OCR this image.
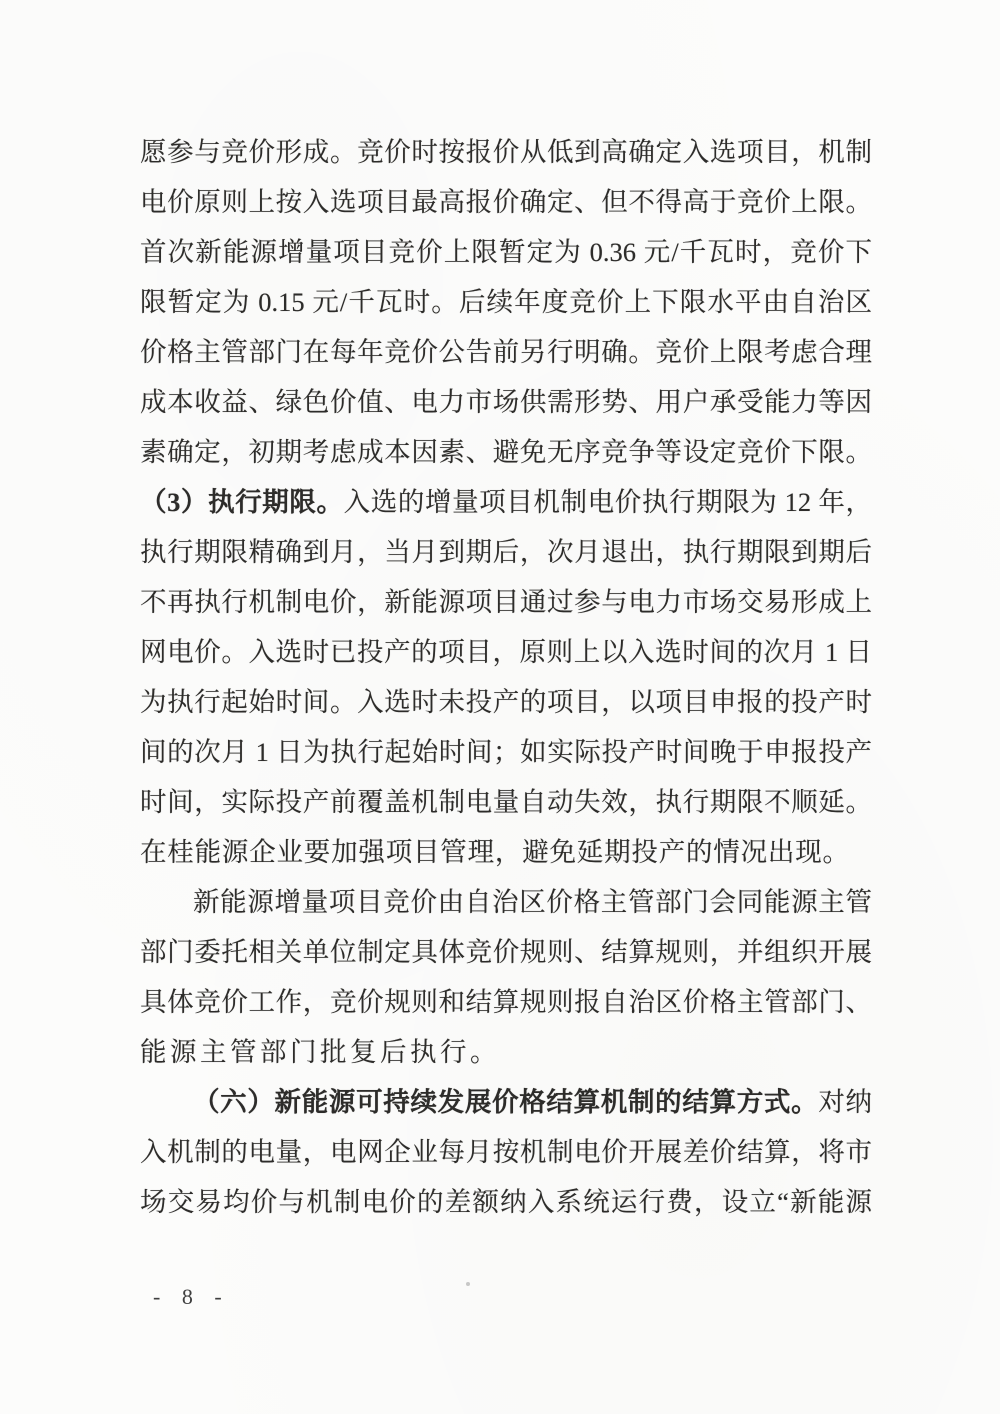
愿参与竞价形成。竞价时按报价从低到高确定入选项目，机制
电价原则上按入选项目最高报价确定、但不得高于竞价上限。
首次新能源增量项目竞价上限暂定为 0.36 元/千瓦时，竞价下
限暂定为 0.15 元/千瓦时。后续年度竞价上下限水平由自治区
价格主管部门在每年竞价公告前另行明确。竞价上限考虑合理
成本收益、绿色价值、电力市场供需形势、用户承受能力等因
素确定，初期考虑成本因素、避免无序竞争等设定竞价下限。
（3）执行期限。入选的增量项目机制电价执行期限为 12 年，
执行期限精确到月，当月到期后，次月退出，执行期限到期后
不再执行机制电价，新能源项目通过参与电力市场交易形成上
网电价。入选时已投产的项目，原则上以入选时间的次月 1 日
为执行起始时间。入选时未投产的项目，以项目申报的投产时
间的次月 1 日为执行起始时间；如实际投产时间晚于申报投产
时间，实际投产前覆盖机制电量自动失效，执行期限不顺延。
在桂能源企业要加强项目管理，避免延期投产的情况出现。
新能源增量项目竞价由自治区价格主管部门会同能源主管
部门委托相关单位制定具体竞价规则、结算规则，并组织开展
具体竞价工作，竞价规则和结算规则报自治区价格主管部门、
能源主管部门批复后执行。
（六）新能源可持续发展价格结算机制的结算方式。对纳
入机制的电量，电网企业每月按机制电价开展差价结算，将市
场交易均价与机制电价的差额纳入系统运行费，设立“新能源
- 8 -
